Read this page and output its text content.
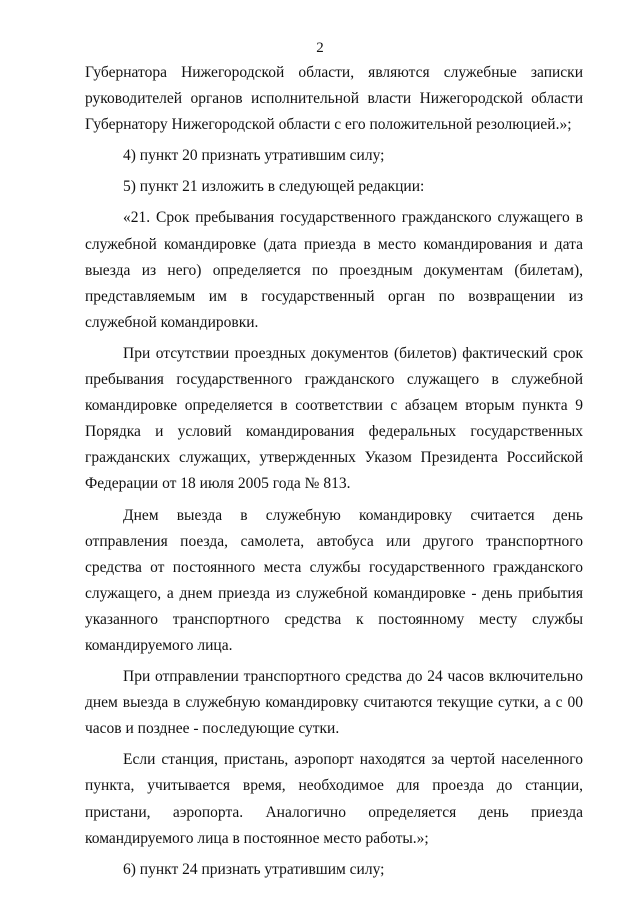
2

Губернатора Нижегородской области, являются служебные записки руководителей органов исполнительной власти Нижегородской области Губернатору Нижегородской области с его положительной резолюцией.»;

4) пункт 20 признать утратившим силу;

5) пункт 21 изложить в следующей редакции:

«21. Срок пребывания государственного гражданского служащего в служебной командировке (дата приезда в место командирования и дата выезда из него) определяется по проездным документам (билетам), представляемым им в государственный орган по возвращении из служебной командировки.

При отсутствии проездных документов (билетов) фактический срок пребывания государственного гражданского служащего в служебной командировке определяется в соответствии с абзацем вторым пункта 9 Порядка и условий командирования федеральных государственных гражданских служащих, утвержденных Указом Президента Российской Федерации от 18 июля 2005 года № 813.

Днем выезда в служебную командировку считается день отправления поезда, самолета, автобуса или другого транспортного средства от постоянного места службы государственного гражданского служащего, а днем приезда из служебной командировке - день прибытия указанного транспортного средства к постоянному месту службы командируемого лица.

При отправлении транспортного средства до 24 часов включительно днем выезда в служебную командировку считаются текущие сутки, а с 00 часов и позднее - последующие сутки.

Если станция, пристань, аэропорт находятся за чертой населенного пункта, учитывается время, необходимое для проезда до станции, пристани, аэропорта. Аналогично определяется день приезда командируемого лица в постоянное место работы.»;

6) пункт 24 признать утратившим силу;
